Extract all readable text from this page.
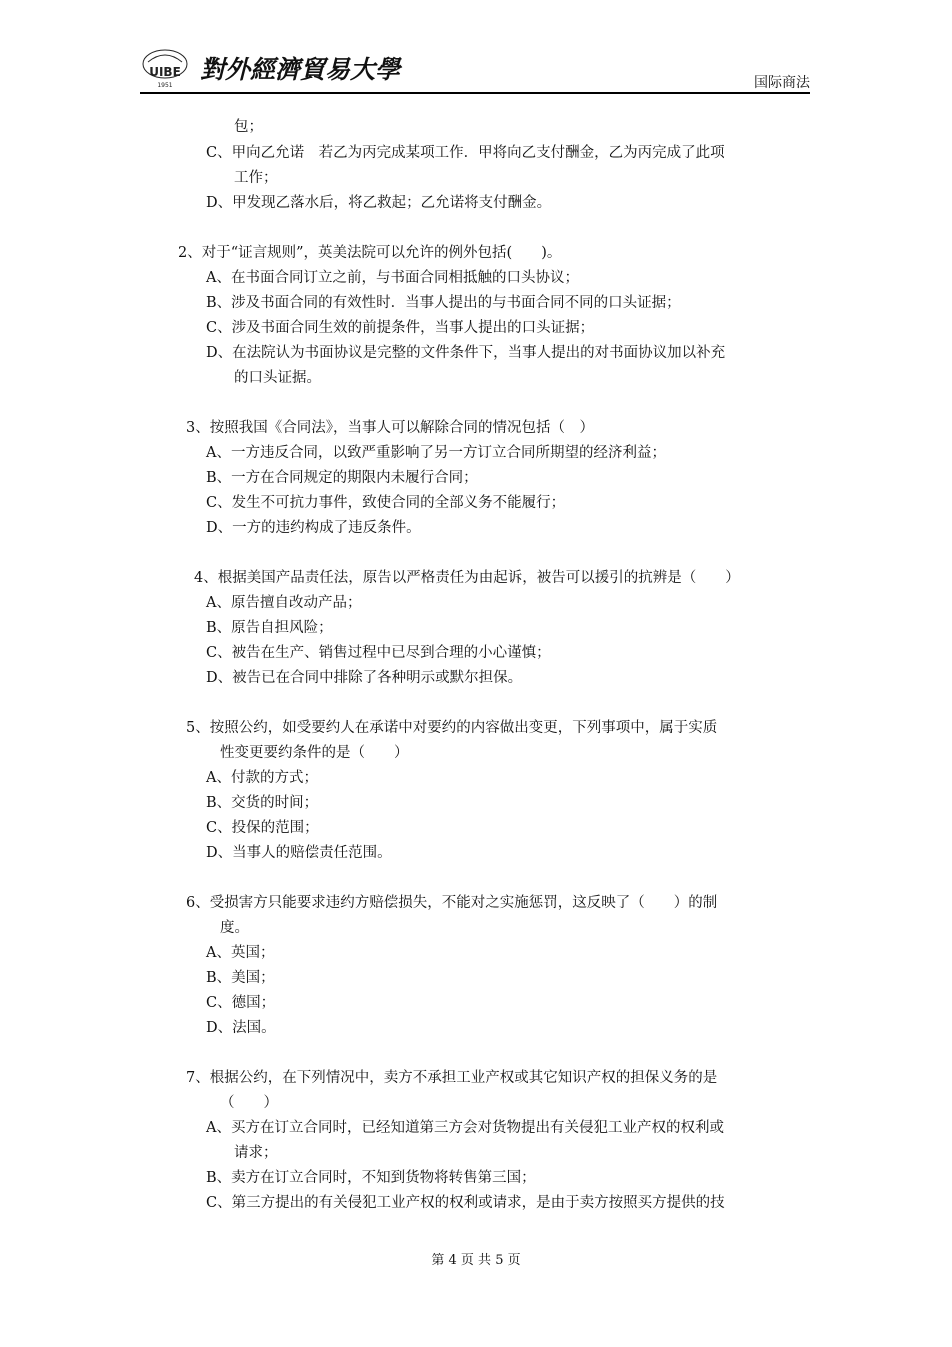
UIBE
1951
對外經濟貿易大學	国际商法
包；
C、甲向乙允诺　若乙为丙完成某项工作．甲将向乙支付酬金，乙为丙完成了此项
工作；
D、甲发现乙落水后，将乙救起；乙允诺将支付酬金。
2、对于“证言规则”，英美法院可以允许的例外包括(　　)。
A、在书面合同订立之前，与书面合同相抵触的口头协议；
B、涉及书面合同的有效性时．当事人提出的与书面合同不同的口头证据；
C、涉及书面合同生效的前提条件，当事人提出的口头证据；
D、在法院认为书面协议是完整的文件条件下，当事人提出的对书面协议加以补充
的口头证据。
3、按照我国《合同法》，当事人可以解除合同的情况包括（　）
A、一方违反合同，以致严重影响了另一方订立合同所期望的经济利益；
B、一方在合同规定的期限内未履行合同；
C、发生不可抗力事件，致使合同的全部义务不能履行；
D、一方的违约构成了违反条件。
4、根据美国产品责任法，原告以严格责任为由起诉，被告可以援引的抗辨是（　　）
A、原告擅自改动产品；
B、原告自担风险；
C、被告在生产、销售过程中已尽到合理的小心谨慎；
D、被告已在合同中排除了各种明示或默尔担保。
5、按照公约，如受要约人在承诺中对要约的内容做出变更，下列事项中，属于实质
性变更要约条件的是（　　）
A、付款的方式；
B、交货的时间；
C、投保的范围；
D、当事人的赔偿责任范围。
6、受损害方只能要求违约方赔偿损失，不能对之实施惩罚，这反映了（　　）的制
度。
A、英国；
B、美国；
C、德国；
D、法国。
7、根据公约，在下列情况中，卖方不承担工业产权或其它知识产权的担保义务的是
（　　）
A、买方在订立合同时，已经知道第三方会对货物提出有关侵犯工业产权的权利或
请求；
B、卖方在订立合同时，不知到货物将转售第三国；
C、第三方提出的有关侵犯工业产权的权利或请求，是由于卖方按照买方提供的技
第 4 页 共 5 页
